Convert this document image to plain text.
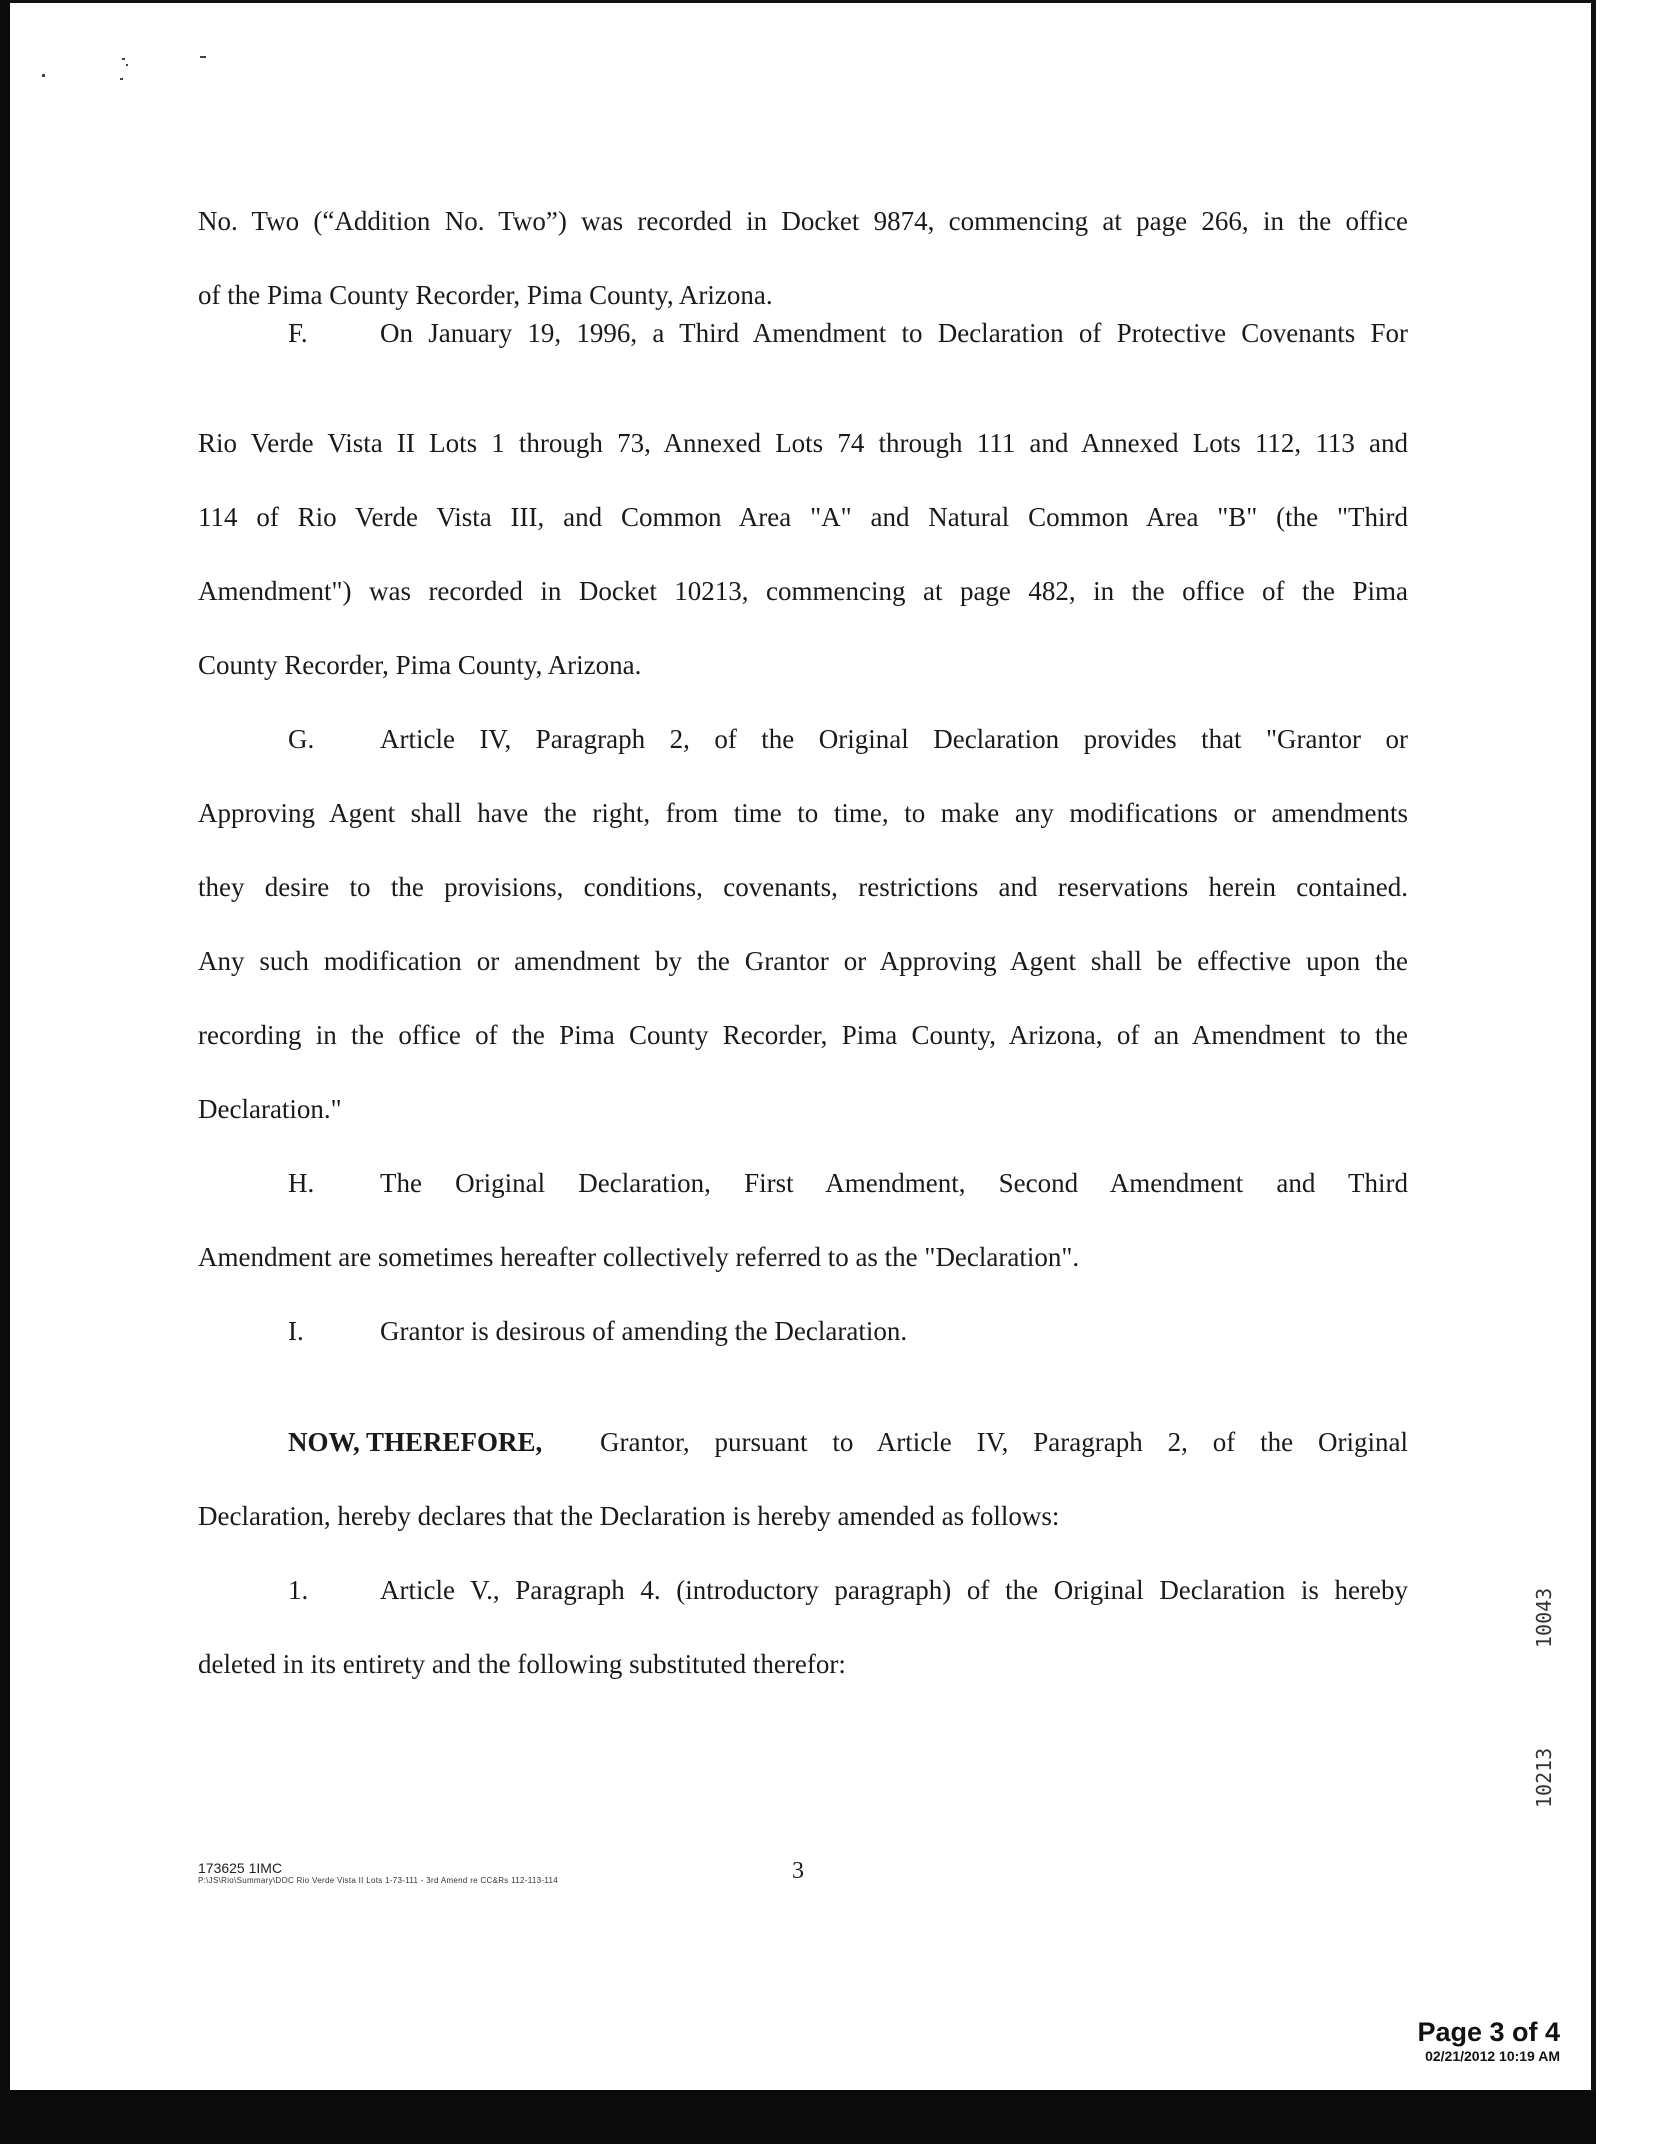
No. Two (“Addition No. Two”) was recorded in Docket 9874, commencing at page 266, in the office
of the Pima County Recorder, Pima County, Arizona.
F.	On January 19, 1996, a Third Amendment to Declaration of Protective Covenants For
Rio Verde Vista II Lots 1 through 73, Annexed Lots 74 through 111 and Annexed Lots 112, 113 and
114 of Rio Verde Vista III, and Common Area "A" and Natural Common Area "B" (the "Third
Amendment") was recorded in Docket 10213, commencing at page 482, in the office of the Pima
County Recorder, Pima County, Arizona.
G. Article IV, Paragraph 2, of the Original Declaration provides that "Grantor or
Approving Agent shall have the right, from time to time, to make any modifications or amendments
they desire to the provisions, conditions, covenants, restrictions and reservations herein contained.
Any such modification or amendment by the Grantor or Approving Agent shall be effective upon the
recording in the office of the Pima County Recorder, Pima County, Arizona, of an Amendment to the
Declaration."
H. The Original Declaration, First Amendment, Second Amendment and Third
Amendment are sometimes hereafter collectively referred to as the "Declaration".
I.	Grantor is desirous of amending the Declaration.
NOW, THEREFORE, Grantor, pursuant to Article IV, Paragraph 2, of the Original
Declaration, hereby declares that the Declaration is hereby amended as follows:
1.	Article V., Paragraph 4. (introductory paragraph) of the Original Declaration is hereby
deleted in its entirety and the following substituted therefor:
173625 1IMC
P:\JS\Rio\Summary\DOC Rio Verde Vista II Lots 1-73-111 - 3rd Amend re CC&Rs 112-113-114	3
10043
10213
Page 3 of 4
02/21/2012 10:19 AM
